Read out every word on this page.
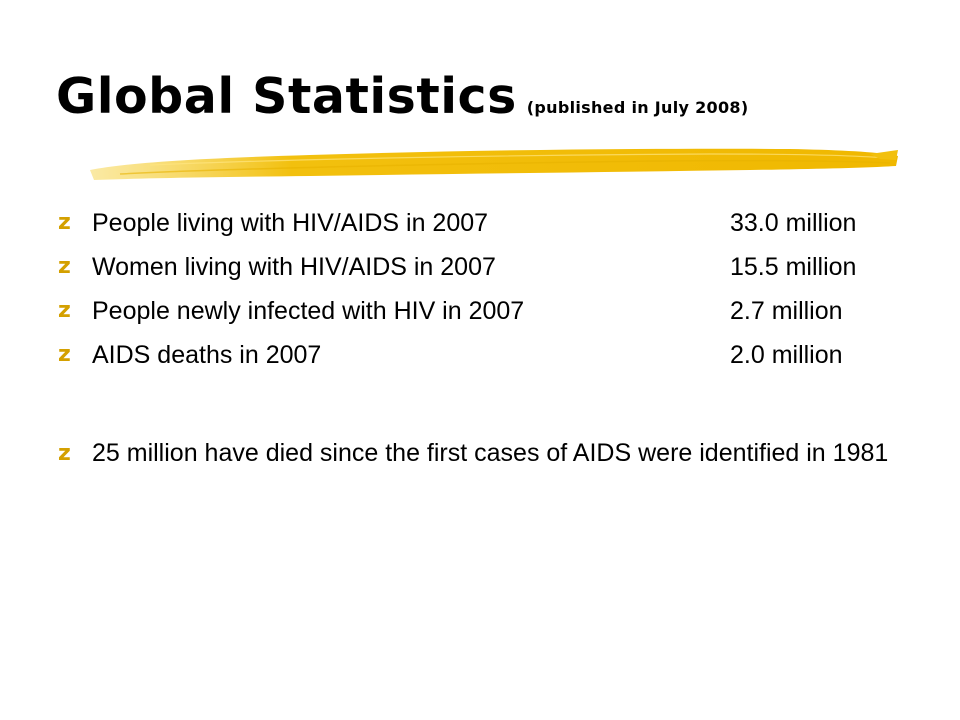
Global Statistics (published in July 2008)
z People living with HIV/AIDS in 2007	33.0 million
z Women living with HIV/AIDS in 2007	15.5 million
z People newly infected with HIV in 2007	2.7 million
z AIDS deaths in 2007	2.0 million
z 25 million have died since the first cases of AIDS were identified in 1981
